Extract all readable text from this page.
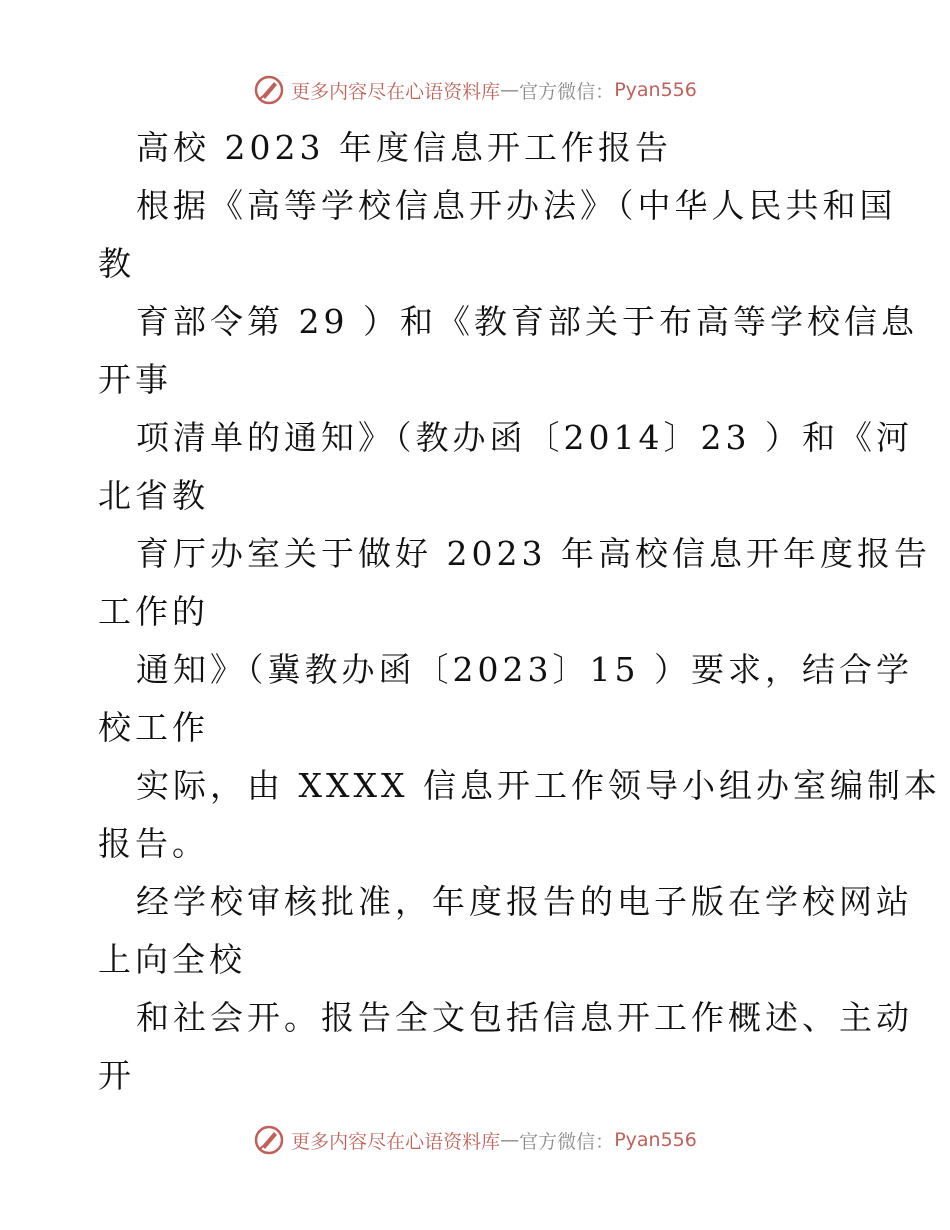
更多内容尽在心语资料库 — 官方微信： Pyan556
高校 2023 年度信息开工作报告
根据《高等学校信息开办法》（中华人民共和国
教
育部令第 29 ）和《教育部关于布高等学校信息
开事
项清单的通知》（教办函〔2014〕23 ）和《河
北省教
育厅办室关于做好 2023 年高校信息开年度报告
工作的
通知》（冀教办函〔2023〕15 ）要求，结合学
校工作
实际，由 XXXX 信息开工作领导小组办室编制本
报告。
经学校审核批准，年度报告的电子版在学校网站
上向全校
和社会开。报告全文包括信息开工作概述、主动
开
更多内容尽在心语资料库 — 官方微信： Pyan556
